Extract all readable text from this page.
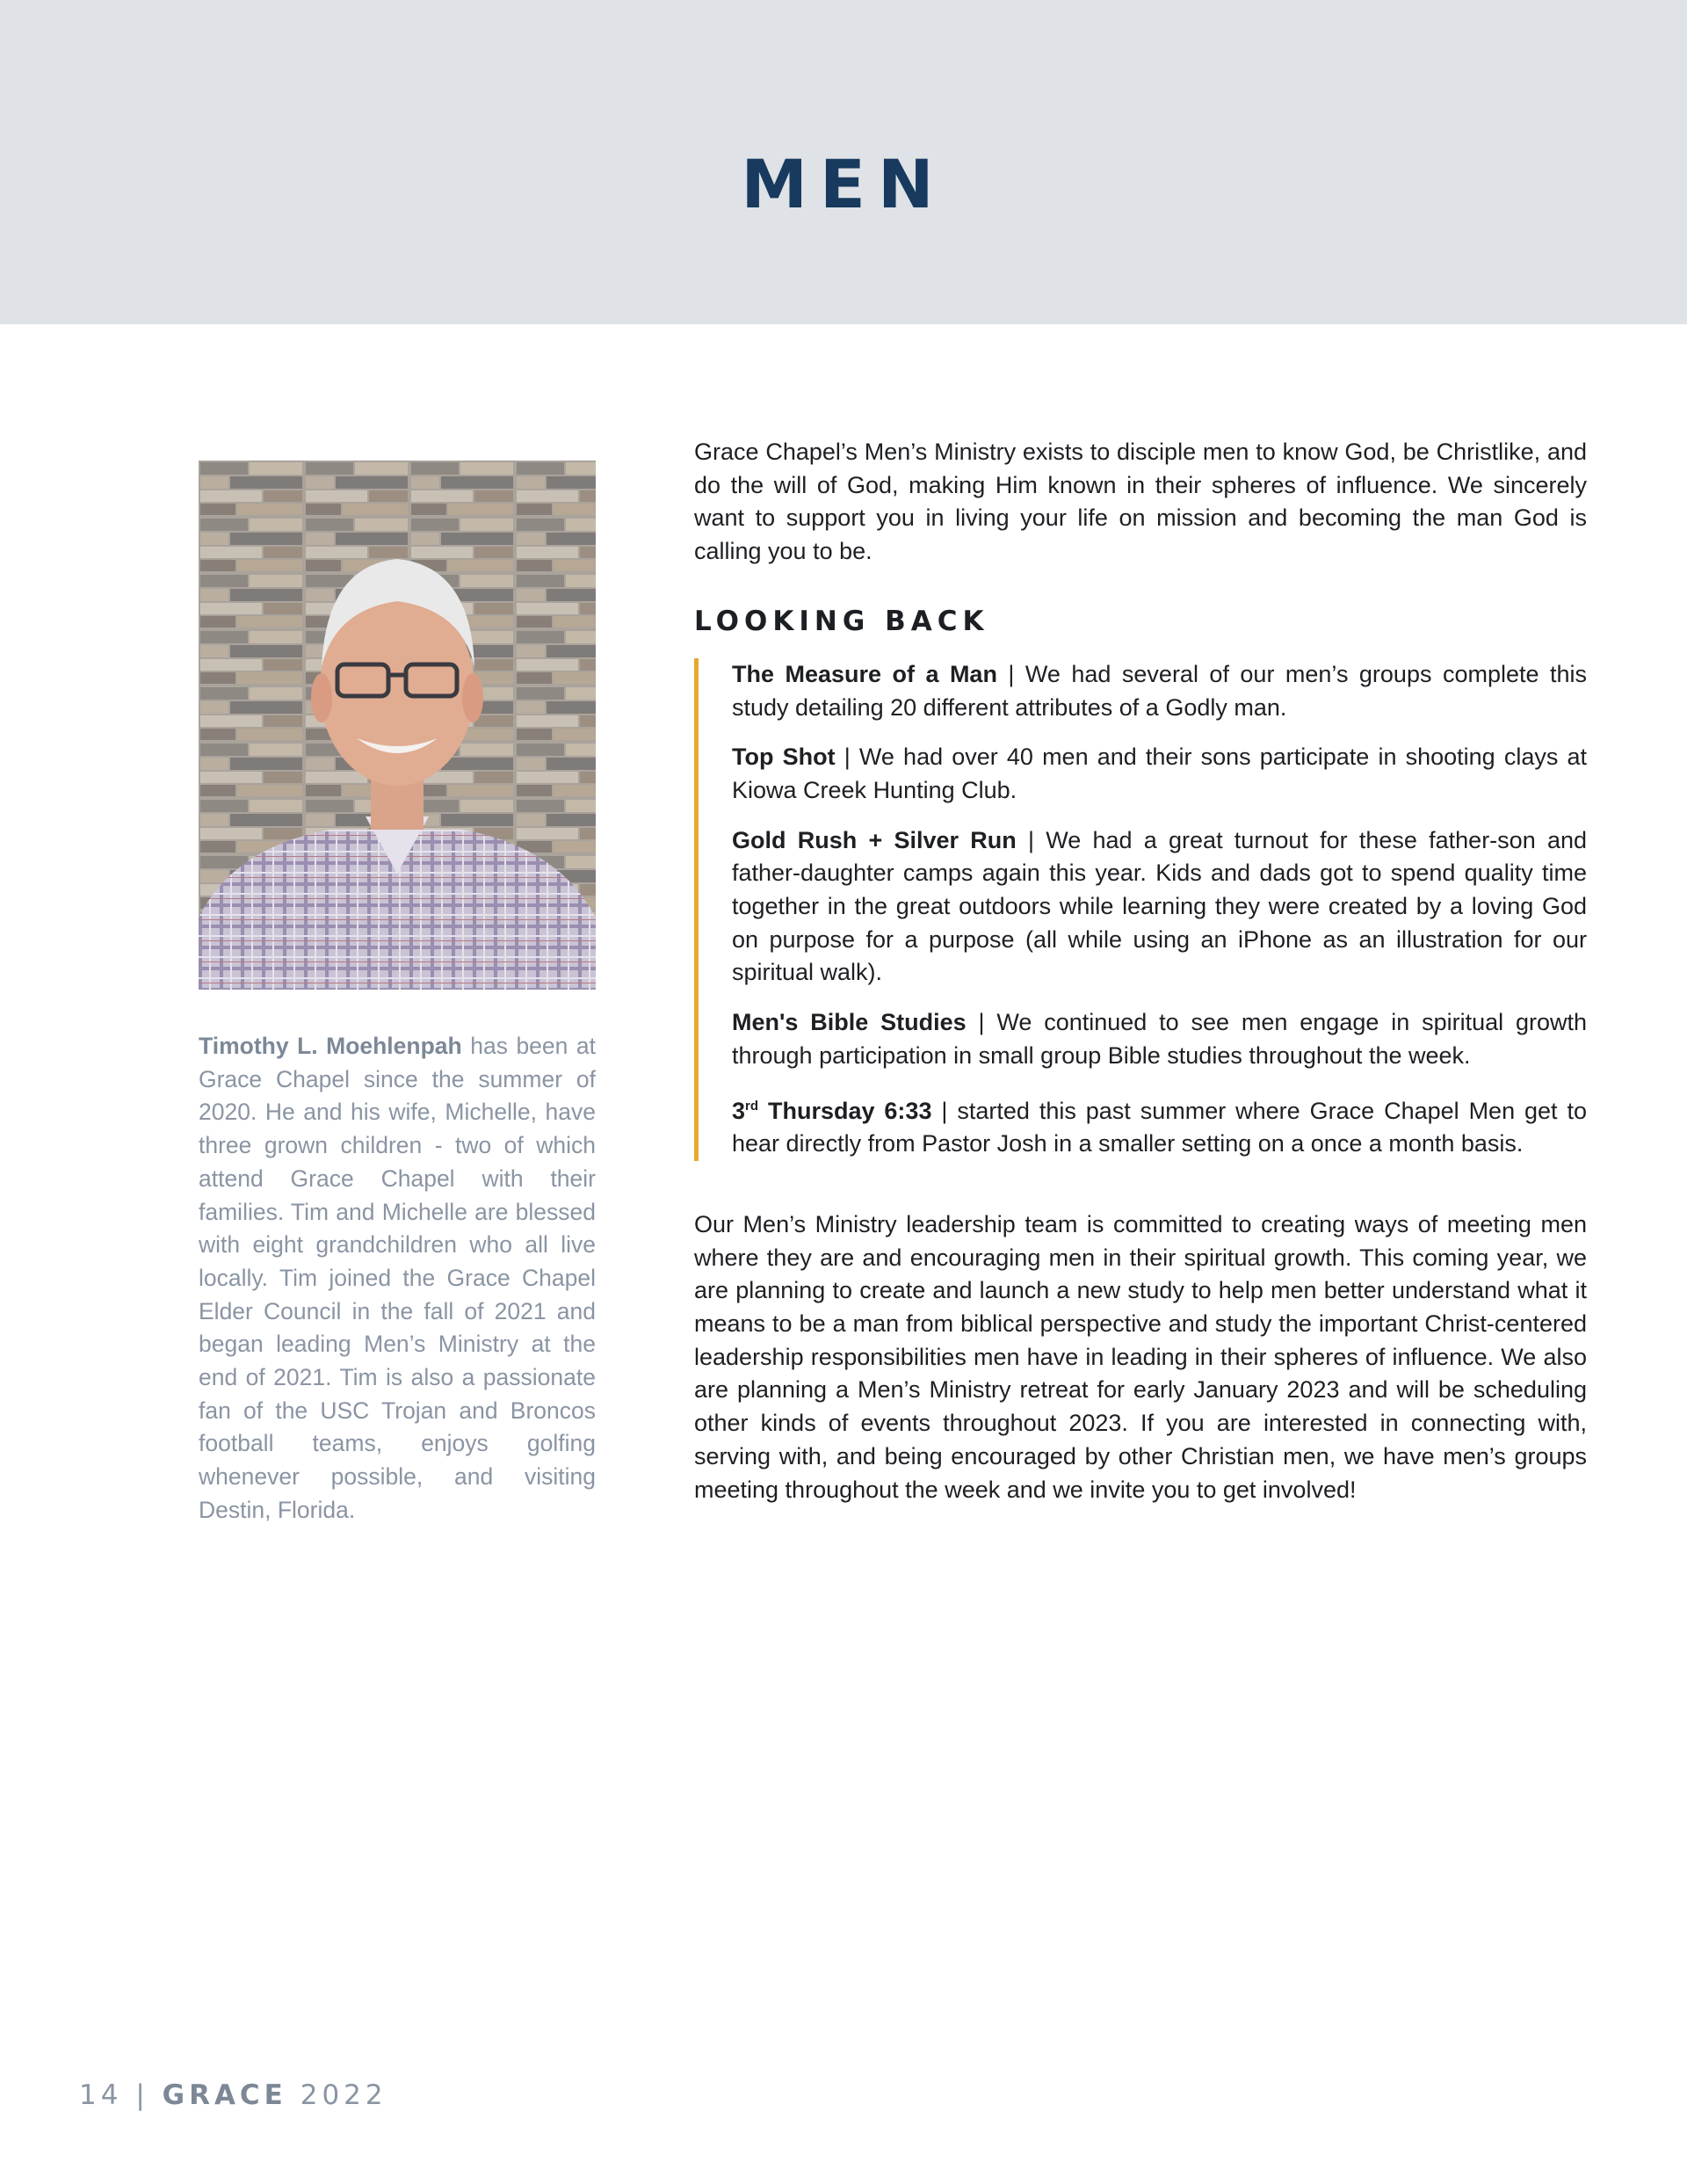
MEN

Timothy L. Moehlenpah has been at Grace Chapel since the summer of 2020. He and his wife, Michelle, have three grown children - two of which attend Grace Chapel with their families. Tim and Michelle are blessed with eight grandchildren who all live locally. Tim joined the Grace Chapel Elder Council in the fall of 2021 and began leading Men’s Ministry at the end of 2021. Tim is also a passionate fan of the USC Trojan and Broncos football teams, enjoys golfing whenever possible, and visiting Destin, Florida.

Grace Chapel’s Men’s Ministry exists to disciple men to know God, be Christlike, and do the will of God, making Him known in their spheres of influence. We sincerely want to support you in living your life on mission and becoming the man God is calling you to be.

LOOKING BACK

The Measure of a Man | We had several of our men’s groups complete this study detailing 20 different attributes of a Godly man.

Top Shot | We had over 40 men and their sons participate in shooting clays at Kiowa Creek Hunting Club.

Gold Rush + Silver Run | We had a great turnout for these father-son and father-daughter camps again this year. Kids and dads got to spend quality time together in the great outdoors while learning they were created by a loving God on purpose for a purpose (all while using an iPhone as an illustration for our spiritual walk).

Men's Bible Studies | We continued to see men engage in spiritual growth through participation in small group Bible studies throughout the week.

3rd Thursday 6:33 | started this past summer where Grace Chapel Men get to hear directly from Pastor Josh in a smaller setting on a once a month basis.

Our Men’s Ministry leadership team is committed to creating ways of meeting men where they are and encouraging men in their spiritual growth. This coming year, we are planning to create and launch a new study to help men better understand what it means to be a man from biblical perspective and study the important Christ-centered leadership responsibilities men have in leading in their spheres of influence. We also are planning a Men’s Ministry retreat for early January 2023 and will be scheduling other kinds of events throughout 2023. If you are interested in connecting with, serving with, and being encouraged by other Christian men, we have men’s groups meeting throughout the week and we invite you to get involved!

14 | GRACE 2022
